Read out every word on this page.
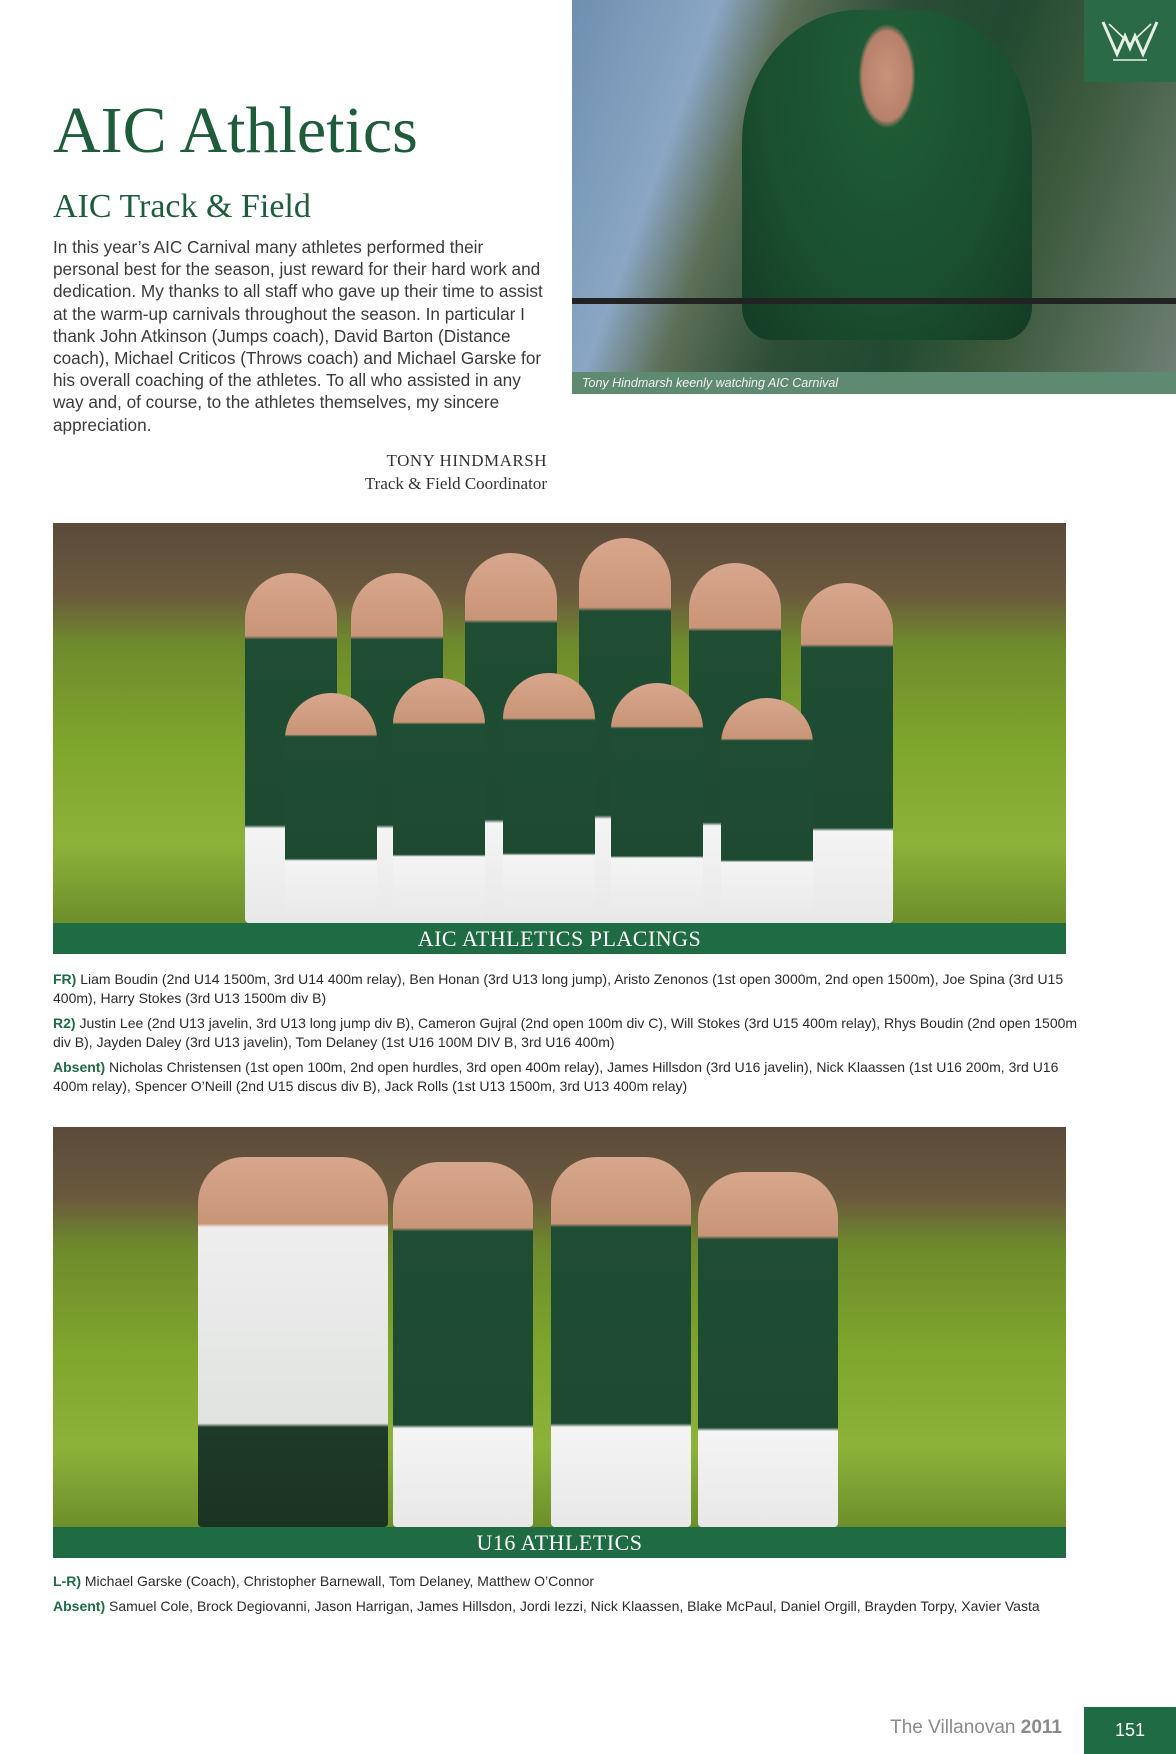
AIC Athletics
AIC Track & Field

In this year’s AIC Carnival many athletes performed their personal best for the season, just reward for their hard work and dedication. My thanks to all staff who gave up their time to assist at the warm-up carnivals throughout the season. In particular I thank John Atkinson (Jumps coach), David Barton (Distance coach), Michael Criticos (Throws coach) and Michael Garske for his overall coaching of the athletes. To all who assisted in any way and, of course, to the athletes themselves, my sincere appreciation.

TONY HINDMARSH
Track & Field Coordinator
Tony Hindmarsh keenly watching AIC Carnival
AIC ATHLETICS PLACINGS

FR) Liam Boudin (2nd U14 1500m, 3rd U14 400m relay), Ben Honan (3rd U13 long jump), Aristo Zenonos (1st open 3000m, 2nd open 1500m), Joe Spina (3rd U15 400m), Harry Stokes (3rd U13 1500m div B)

R2) Justin Lee (2nd U13 javelin, 3rd U13 long jump div B), Cameron Gujral (2nd open 100m div C), Will Stokes (3rd U15 400m relay), Rhys Boudin (2nd open 1500m div B), Jayden Daley (3rd U13 javelin), Tom Delaney (1st U16 100M DIV B, 3rd U16 400m)

Absent) Nicholas Christensen (1st open 100m, 2nd open hurdles, 3rd open 400m relay), James Hillsdon (3rd U16 javelin), Nick Klaassen (1st U16 200m, 3rd U16 400m relay), Spencer O’Neill (2nd U15 discus div B), Jack Rolls (1st U13 1500m, 3rd U13 400m relay)

U16 ATHLETICS

L-R) Michael Garske (Coach), Christopher Barnewall, Tom Delaney, Matthew O’Connor

Absent) Samuel Cole, Brock Degiovanni, Jason Harrigan, James Hillsdon, Jordi Iezzi, Nick Klaassen, Blake McPaul, Daniel Orgill, Brayden Torpy, Xavier Vasta

The Villanovan 2011	151
